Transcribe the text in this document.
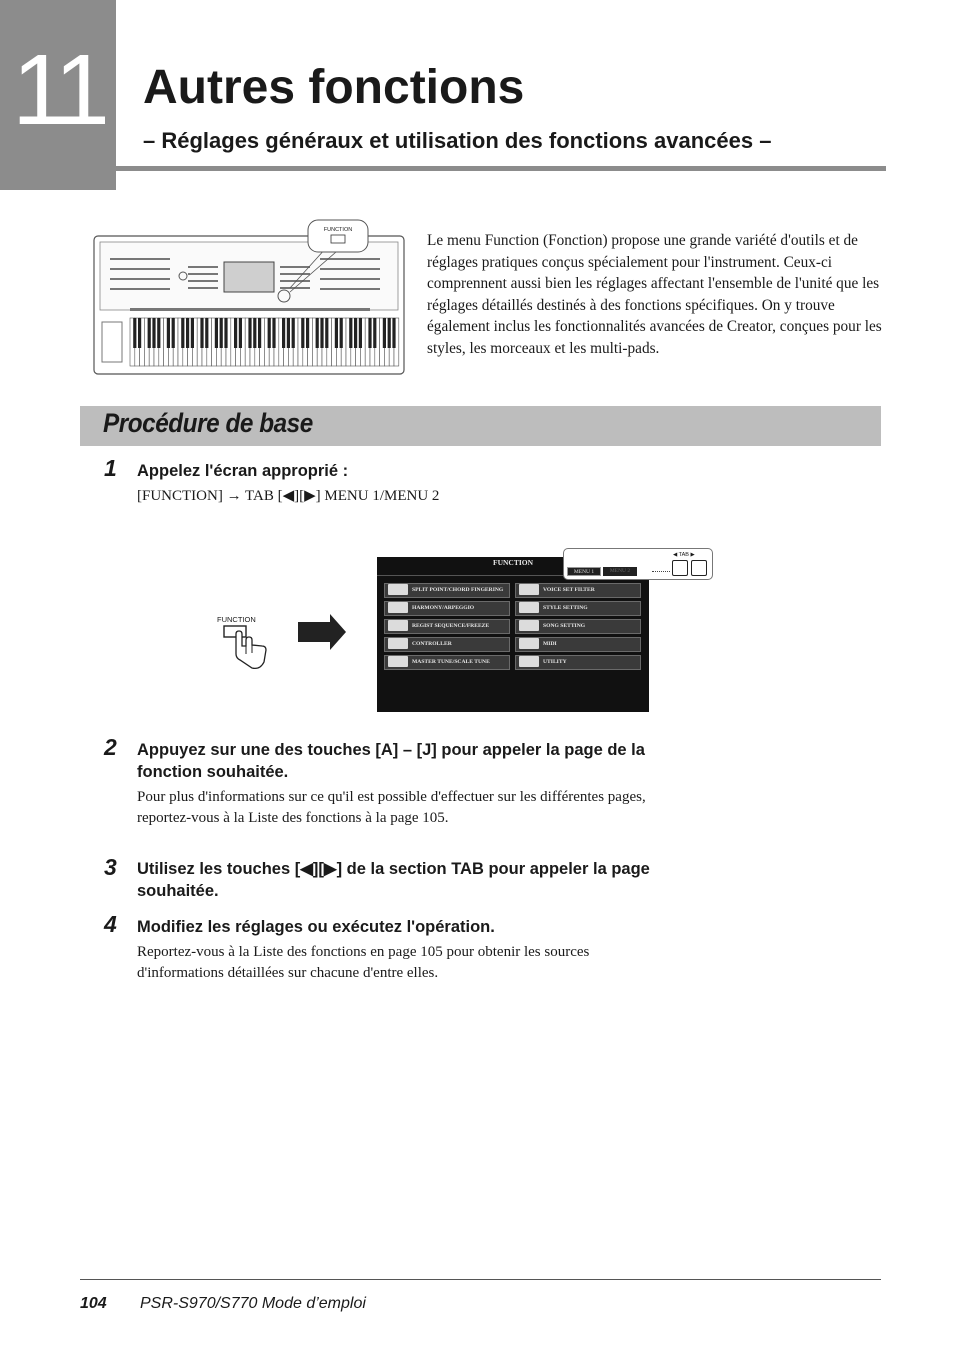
11 Autres fonctions
– Réglages généraux et utilisation des fonctions avancées –
FUNCTION
Le menu Function (Fonction) propose une grande variété d'outils et de réglages pratiques conçus spécialement pour l'instrument. Ceux-ci comprennent aussi bien les réglages affectant l'ensemble de l'unité que les réglages détaillés destinés à des fonctions spécifiques. On y trouve également inclus les fonctionnalités avancées de Creator, conçues pour les styles, les morceaux et les multi-pads.
Procédure de base
1 Appelez l'écran approprié :
[FUNCTION] → TAB [◀][▶] MENU 1/MENU 2
FUNCTION
FUNCTION
SPLIT POINT/CHORD FINGERING
HARMONY/ARPEGGIO
REGIST SEQUENCE/FREEZE
CONTROLLER
MASTER TUNE/SCALE TUNE
VOICE SET FILTER
STYLE SETTING
SONG SETTING
MIDI
UTILITY
MENU 1	MENU 2
◀ TAB ▶
2 Appuyez sur une des touches [A] – [J] pour appeler la page de la fonction souhaitée.
Pour plus d'informations sur ce qu'il est possible d'effectuer sur les différentes pages, reportez-vous à la Liste des fonctions à la page 105.
3 Utilisez les touches [◀][▶] de la section TAB pour appeler la page souhaitée.
4 Modifiez les réglages ou exécutez l'opération.
Reportez-vous à la Liste des fonctions en page 105 pour obtenir les sources d'informations détaillées sur chacune d'entre elles.
104 PSR-S970/S770 Mode d’emploi
